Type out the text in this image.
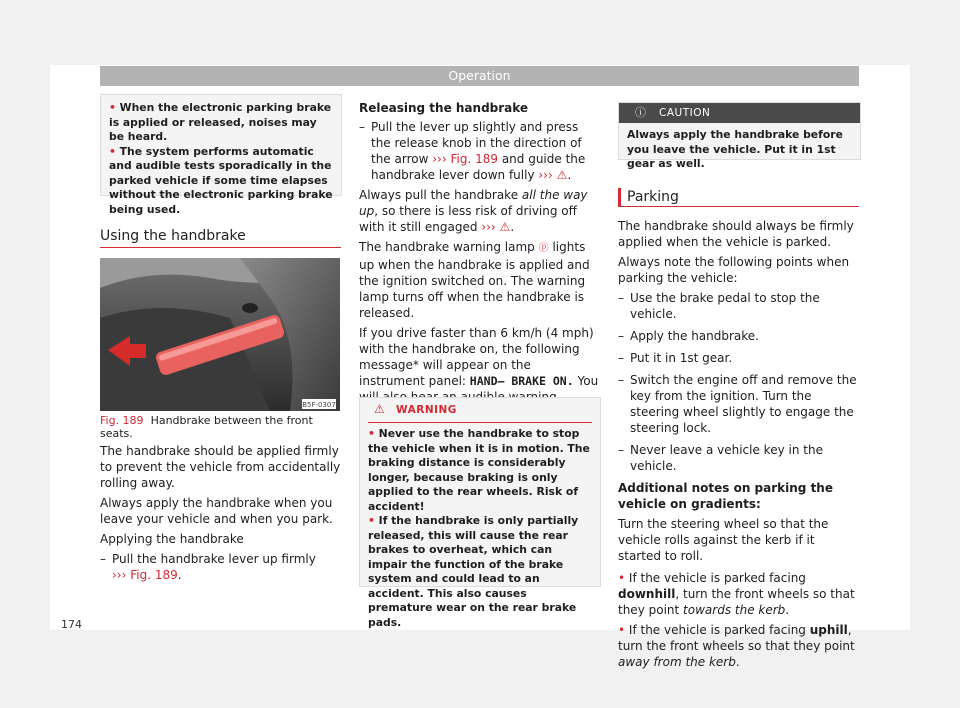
Operation

• When the electronic parking brake is applied or released, noises may be heard.

• The system performs automatic and audible tests sporadically in the parked vehicle if some time elapses without the electronic parking brake being used.

Using the handbrake
B5F-0307
Fig. 189 Handbrake between the front seats.

The handbrake should be applied firmly to prevent the vehicle from accidentally rolling away.

Always apply the handbrake when you leave your vehicle and when you park.

Applying the handbrake

– Pull the handbrake lever up firmly
››› Fig. 189.

Releasing the handbrake

– Pull the lever up slightly and press the release knob in the direction of the arrow ››› Fig. 189 and guide the handbrake lever down fully ››› ⚠.

Always pull the handbrake all the way up, so there is less risk of driving off with it still engaged ››› ⚠.

The handbrake warning lamp ⓟ lights up when the handbrake is applied and the ignition switched on. The warning lamp turns off when the handbrake is released.

If you drive faster than 6 km/h (4 mph) with the handbrake on, the following message* will appear on the instrument panel: HAND– BRAKE ON. You

⚠ WARNING

• Never use the handbrake to stop the vehicle when it is in motion. The braking distance is considerably longer, because braking is only applied to the rear wheels. Risk of accident!

• If the handbrake is only partially released, this will cause the rear brakes to overheat, which can impair the function of the brake system and could lead to an accident. This also causes premature wear on the rear brake pads.

ⓘ CAUTION

Always apply the handbrake before you leave the vehicle. Put it in 1st gear as well.

Parking

The handbrake should always be firmly applied when the vehicle is parked.

Always note the following points when parking the vehicle:

– Use the brake pedal to stop the vehicle.

– Apply the handbrake.

– Put it in 1st gear.

– Switch the engine off and remove the key from the ignition. Turn the steering wheel slightly to engage the steering lock.

– Never leave a vehicle key in the vehicle.

Additional notes on parking the vehicle on gradients:

Turn the steering wheel so that the vehicle rolls against the kerb if it started to roll.

• If the vehicle is parked facing downhill, turn the front wheels so that they point towards the kerb.

• If the vehicle is parked facing uphill, turn the front wheels so that they point away from the kerb.

174
